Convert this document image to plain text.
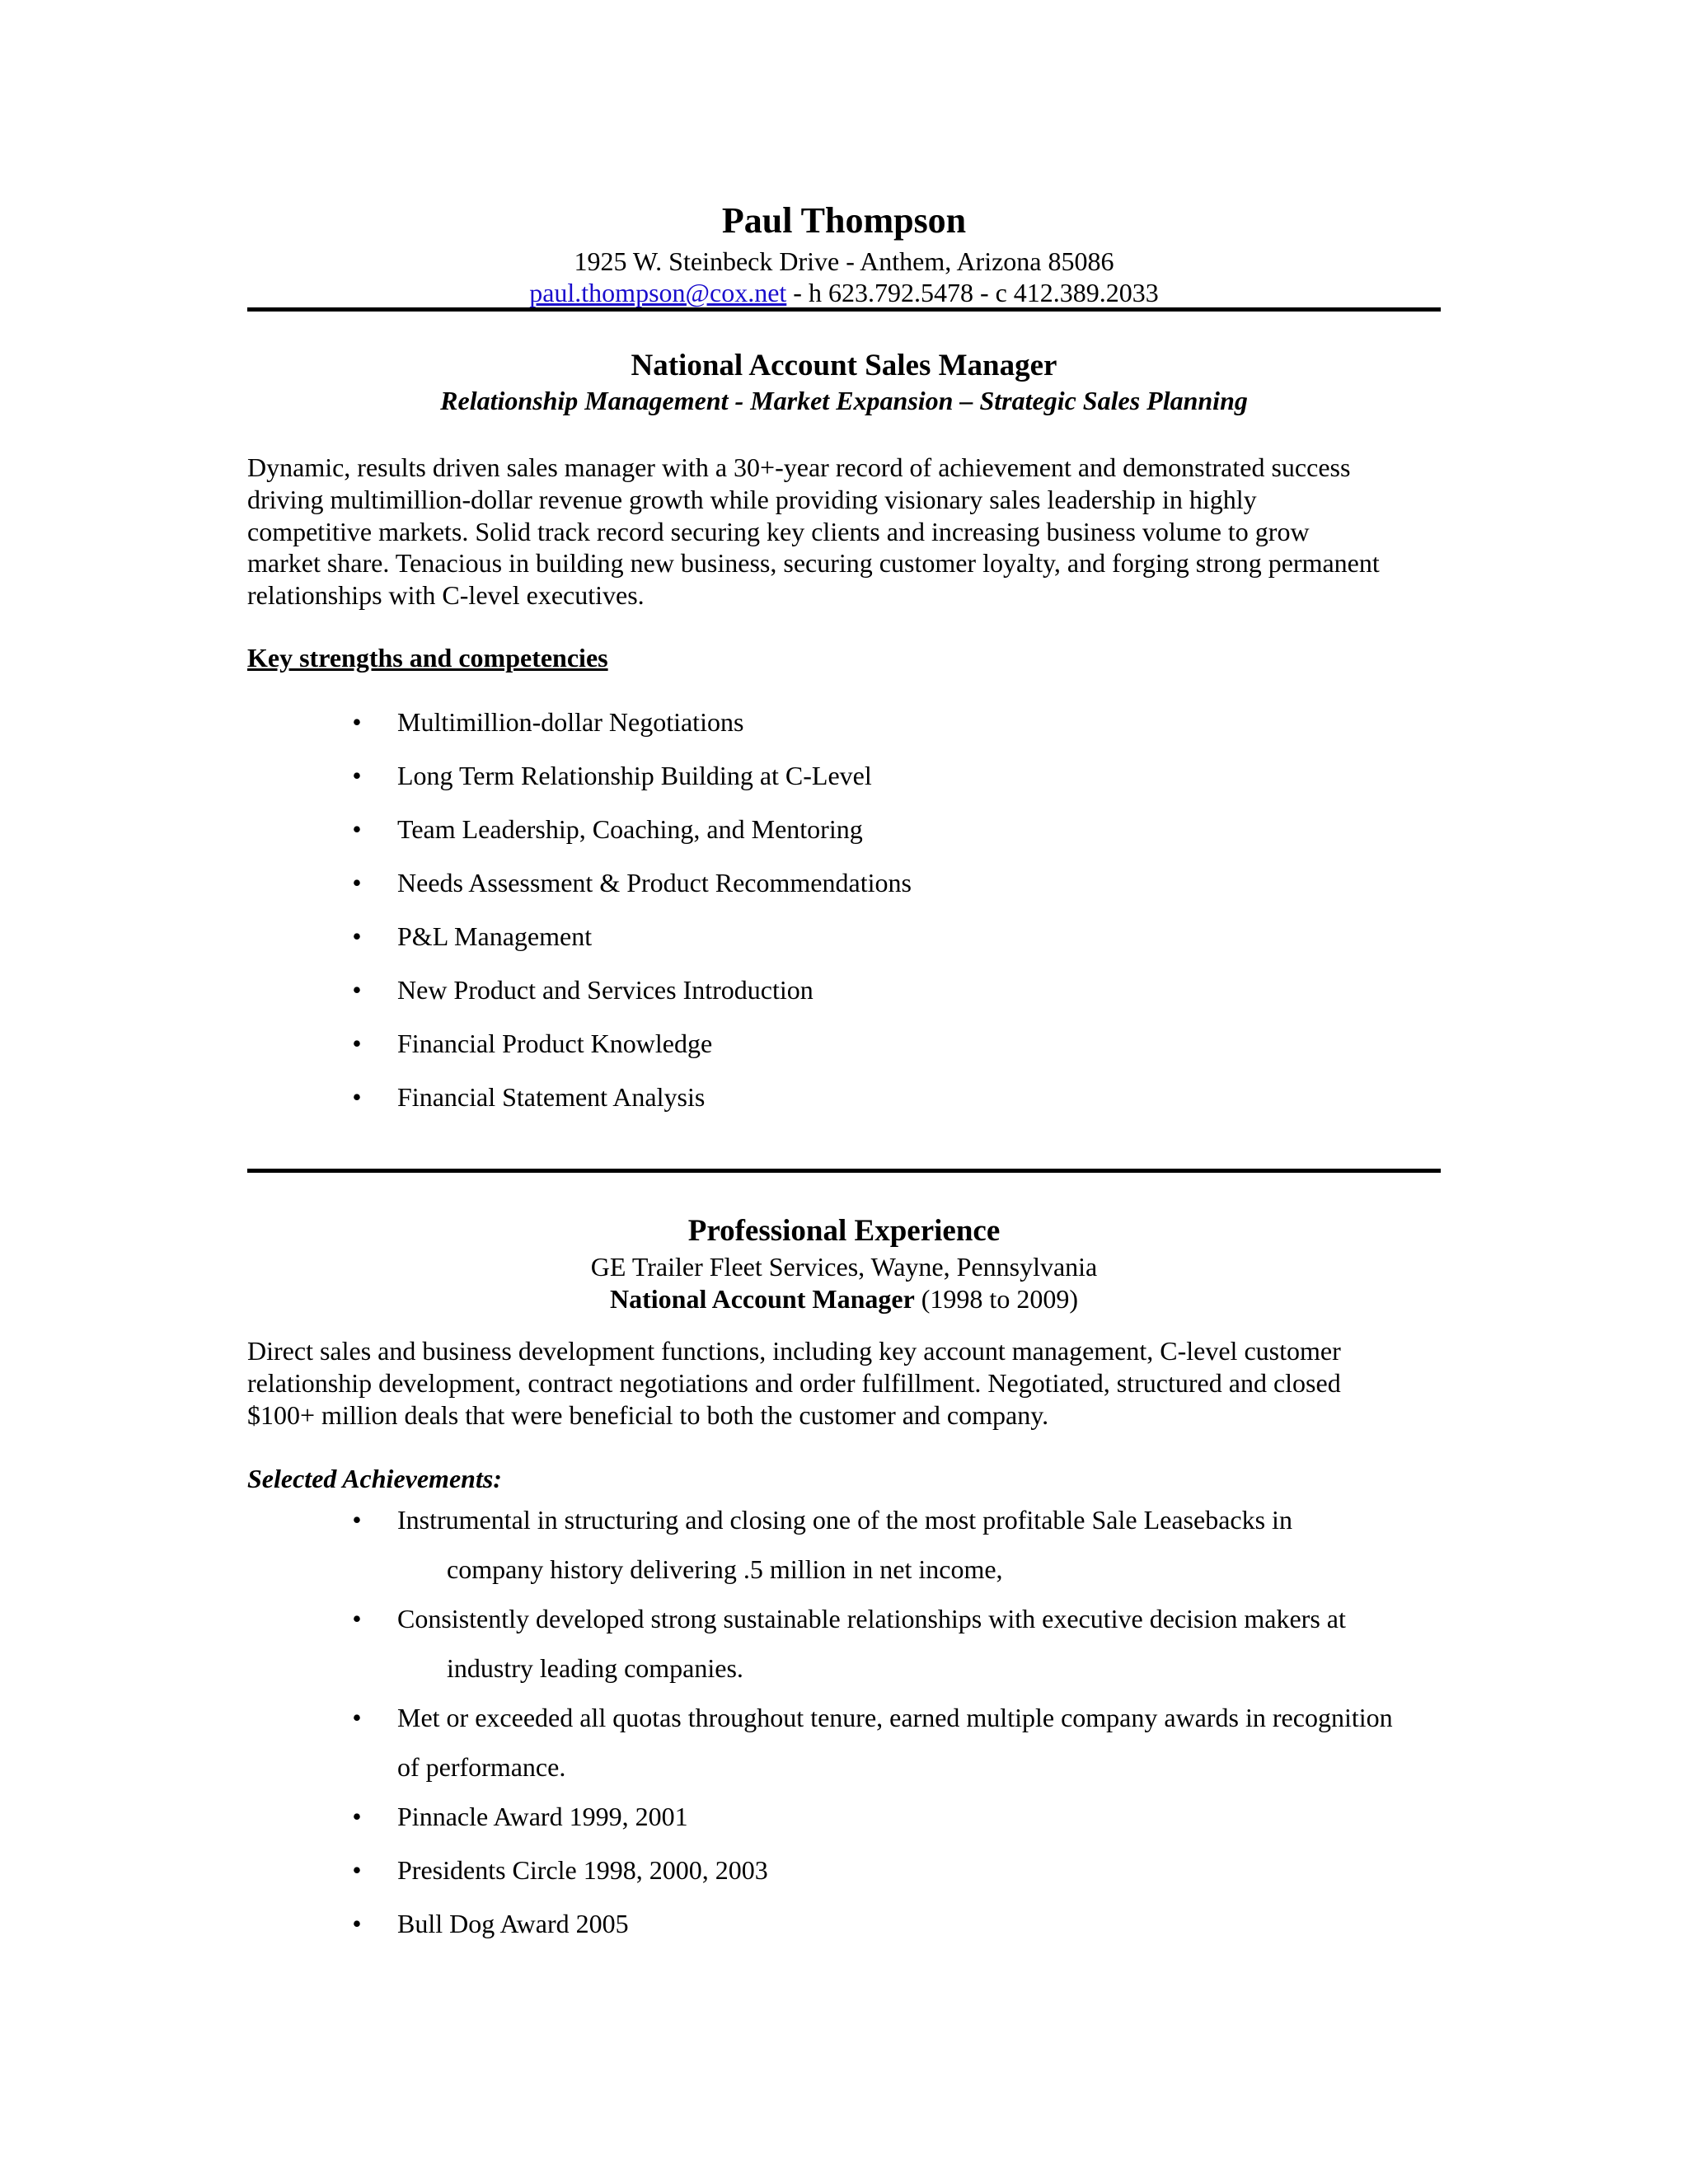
Paul Thompson
1925 W. Steinbeck Drive - Anthem, Arizona 85086
paul.thompson@cox.net - h 623.792.5478 - c 412.389.2033
National Account Sales Manager
Relationship Management - Market Expansion – Strategic Sales Planning
Dynamic, results driven sales manager with a 30+-year record of achievement and demonstrated success
driving multimillion-dollar revenue growth while providing visionary sales leadership in highly
competitive markets. Solid track record securing key clients and increasing business volume to grow
market share. Tenacious in building new business, securing customer loyalty, and forging strong permanent
relationships with C-level executives.
Key strengths and competencies
• Multimillion-dollar Negotiations
• Long Term Relationship Building at C-Level
• Team Leadership, Coaching, and Mentoring
• Needs Assessment & Product Recommendations
• P&L Management
• New Product and Services Introduction
• Financial Product Knowledge
• Financial Statement Analysis
Professional Experience
GE Trailer Fleet Services, Wayne, Pennsylvania
National Account Manager (1998 to 2009)
Direct sales and business development functions, including key account management, C-level customer
relationship development, contract negotiations and order fulfillment. Negotiated, structured and closed
$100+ million deals that were beneficial to both the customer and company.
Selected Achievements:
• Instrumental in structuring and closing one of the most profitable Sale Leasebacks in
company history delivering .5 million in net income,
• Consistently developed strong sustainable relationships with executive decision makers at
industry leading companies.
• Met or exceeded all quotas throughout tenure, earned multiple company awards in recognition
of performance.
• Pinnacle Award 1999, 2001
• Presidents Circle 1998, 2000, 2003
• Bull Dog Award 2005
